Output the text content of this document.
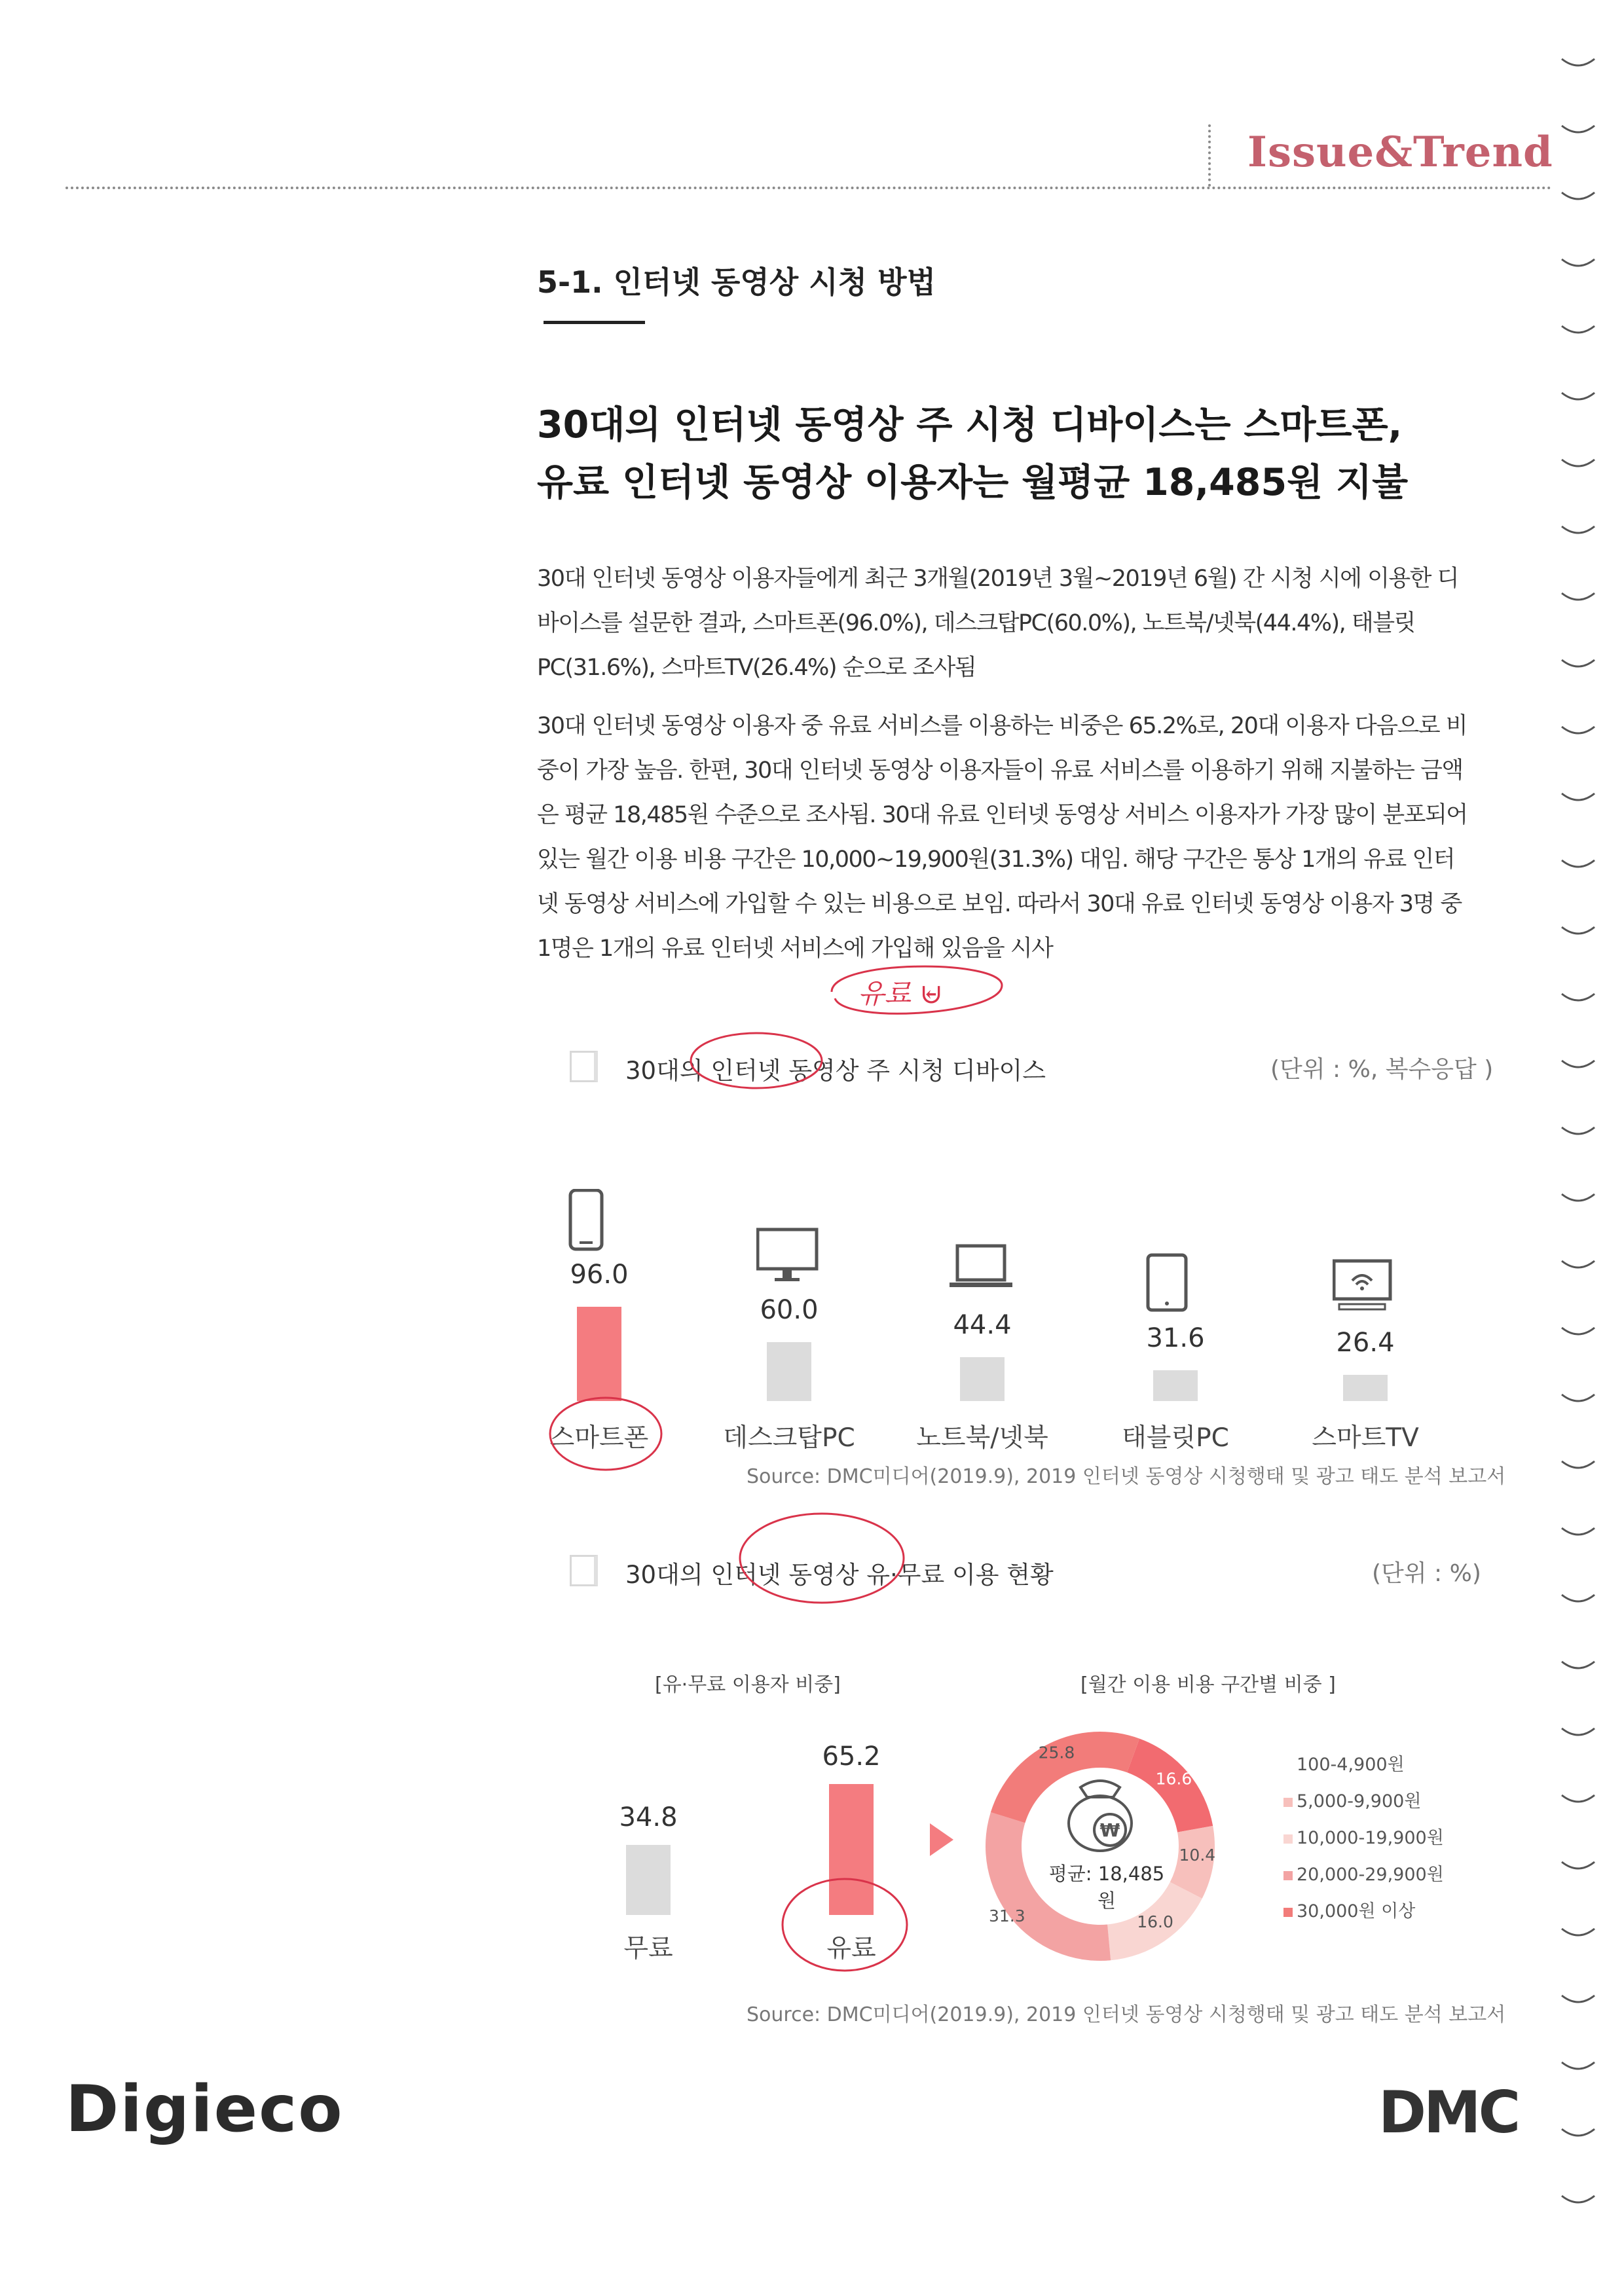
Issue&Trend
5-1. 인터넷 동영상 시청 방법
30대의 인터넷 동영상 주 시청 디바이스는 스마트폰,
유료 인터넷 동영상 이용자는 월평균 18,485원 지불
30대 인터넷 동영상 이용자들에게 최근 3개월(2019년 3월~2019년 6월) 간 시청 시에 이용한 디바이스를 설문한 결과, 스마트폰(96.0%), 데스크탑PC(60.0%), 노트북/넷북(44.4%), 태블릿PC(31.6%), 스마트TV(26.4%) 순으로 조사됨
30대 인터넷 동영상 이용자 중 유료 서비스를 이용하는 비중은 65.2%로, 20대 이용자 다음으로 비중이 가장 높음. 한편, 30대 인터넷 동영상 이용자들이 유료 서비스를 이용하기 위해 지불하는 금액은 평균 18,485원 수준으로 조사됨. 30대 유료 인터넷 동영상 서비스 이용자가 가장 많이 분포되어 있는 월간 이용 비용 구간은 10,000~19,900원(31.3%) 대임. 해당 구간은 통상 1개의 유료 인터넷 동영상 서비스에 가입할 수 있는 비용으로 보임. 따라서 30대 유료 인터넷 동영상 이용자 3명 중 1명은 1개의 유료 인터넷 서비스에 가입해 있음을 시사
유료 ⊌
30대의 인터넷 동영상 주 시청 디바이스	(단위 : %, 복수응답 )
96.0
스마트폰
60.0
데스크탑PC
44.4
노트북/넷북
31.6
태블릿PC
26.4
스마트TV
Source: DMC미디어(2019.9), 2019 인터넷 동영상 시청행태 및 광고 태도 분석 보고서
30대의 인터넷 동영상 유·무료 이용 현황	(단위 : %)
[유·무료 이용자 비중]	[월간 이용 비용 구간별 비중 ]
34.8
무료
65.2
유료
16.6
10.4
16.0
31.3
25.8
₩
평균: 18,485원
100-4,900원
5,000-9,900원
10,000-19,900원
20,000-29,900원
30,000원 이상
Source: DMC미디어(2019.9), 2019 인터넷 동영상 시청행태 및 광고 태도 분석 보고서
Digieco	DMC
